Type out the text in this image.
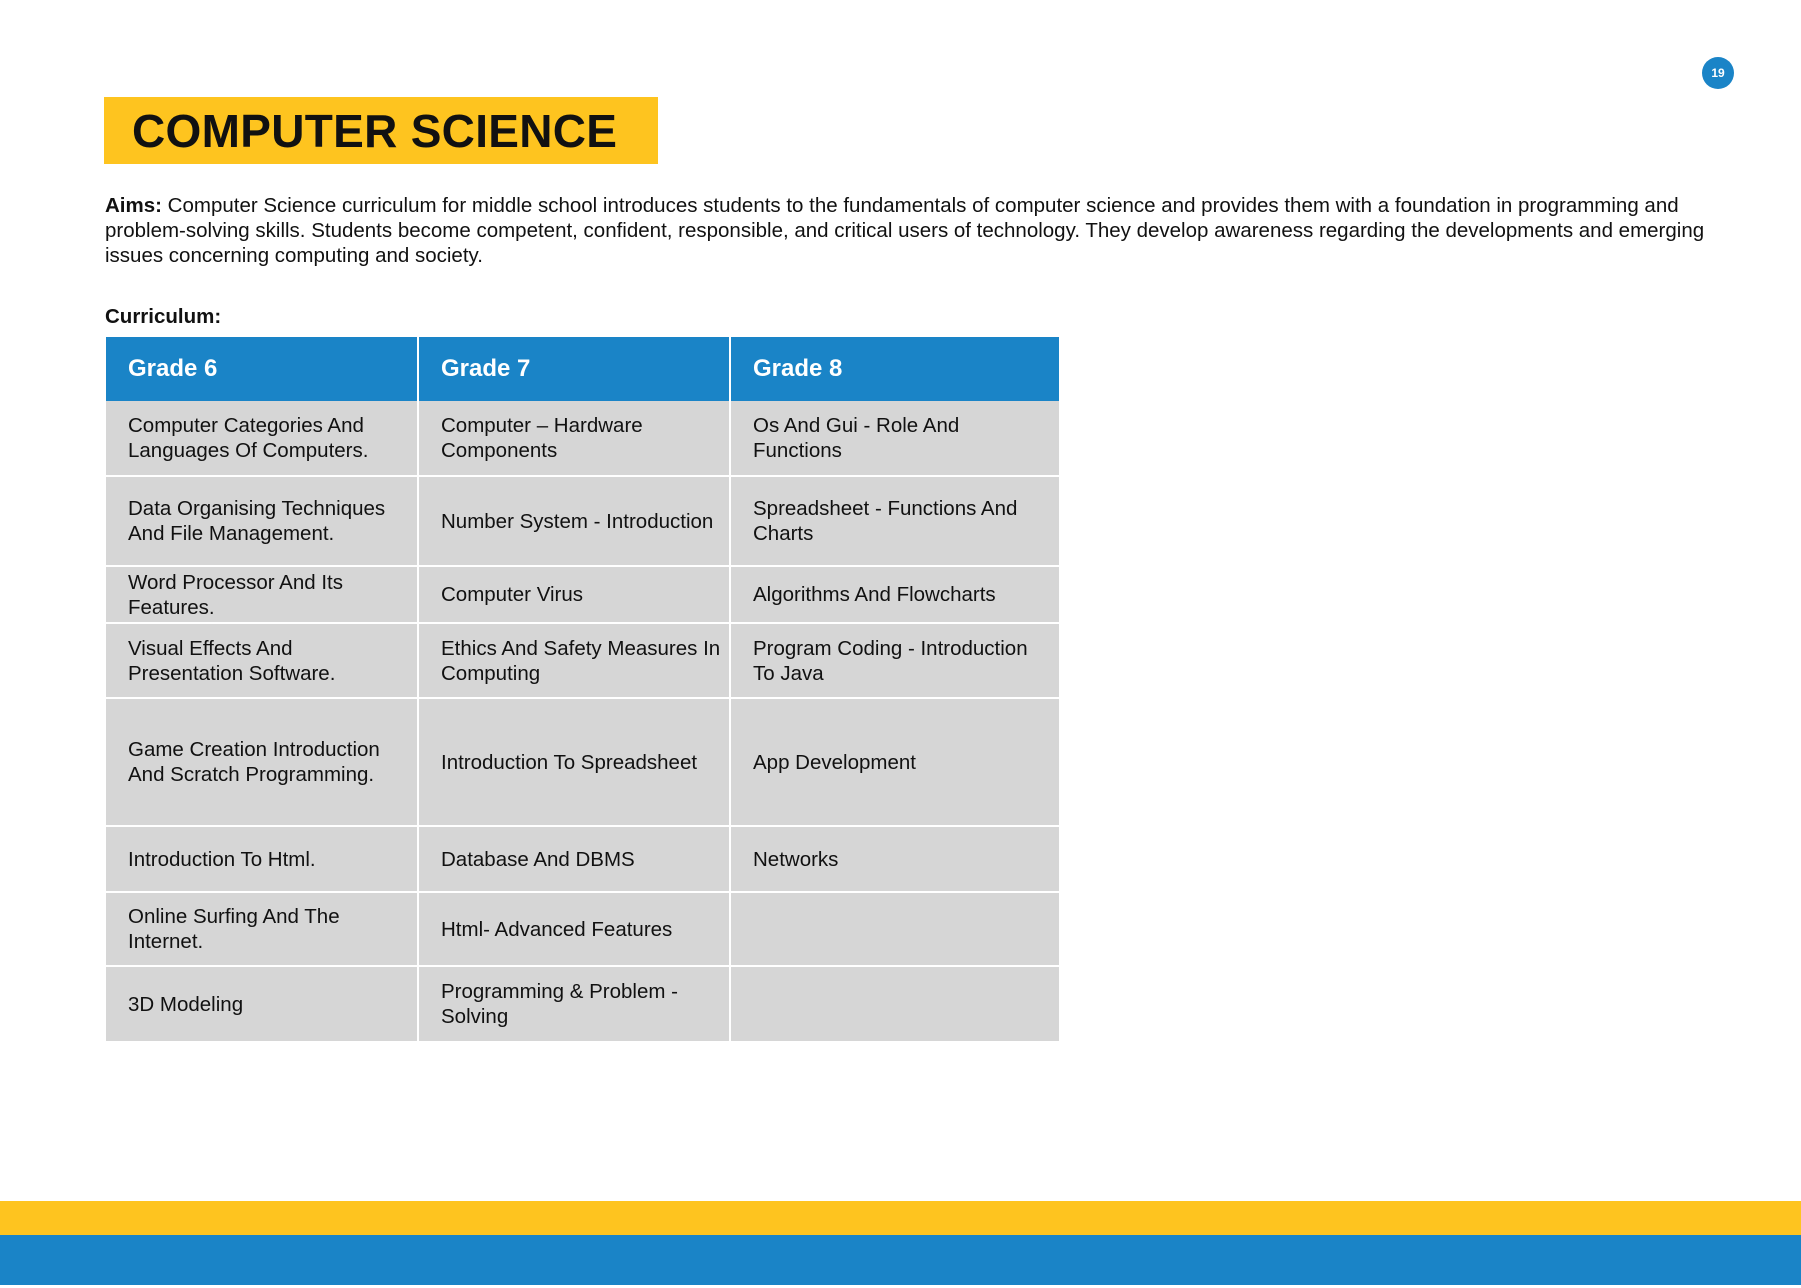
19
COMPUTER SCIENCE
Aims: Computer Science curriculum for middle school introduces students to the fundamentals of computer science and provides them with a foundation in programming and problem-solving skills. Students become competent, confident, responsible, and critical users of technology. They develop awareness regarding the developments and emerging issues concerning computing and society.
Curriculum:
Grade 6	Grade 7	Grade 8
Computer Categories And Languages Of Computers.	Computer – Hardware Components	Os And Gui - Role And Functions
Data Organising Techniques And File Management.	Number System - Introduction	Spreadsheet - Functions And Charts
Word Processor And Its Features.	Computer Virus	Algorithms And Flowcharts
Visual Effects And Presentation Software.	Ethics And Safety Measures In Computing	Program Coding - Introduction To Java
Game Creation Introduction And Scratch Programming.	Introduction To Spreadsheet	App Development
Introduction To Html.	Database And DBMS	Networks
Online Surfing And The Internet.	Html- Advanced Features	
3D Modeling	Programming & Problem - Solving	
